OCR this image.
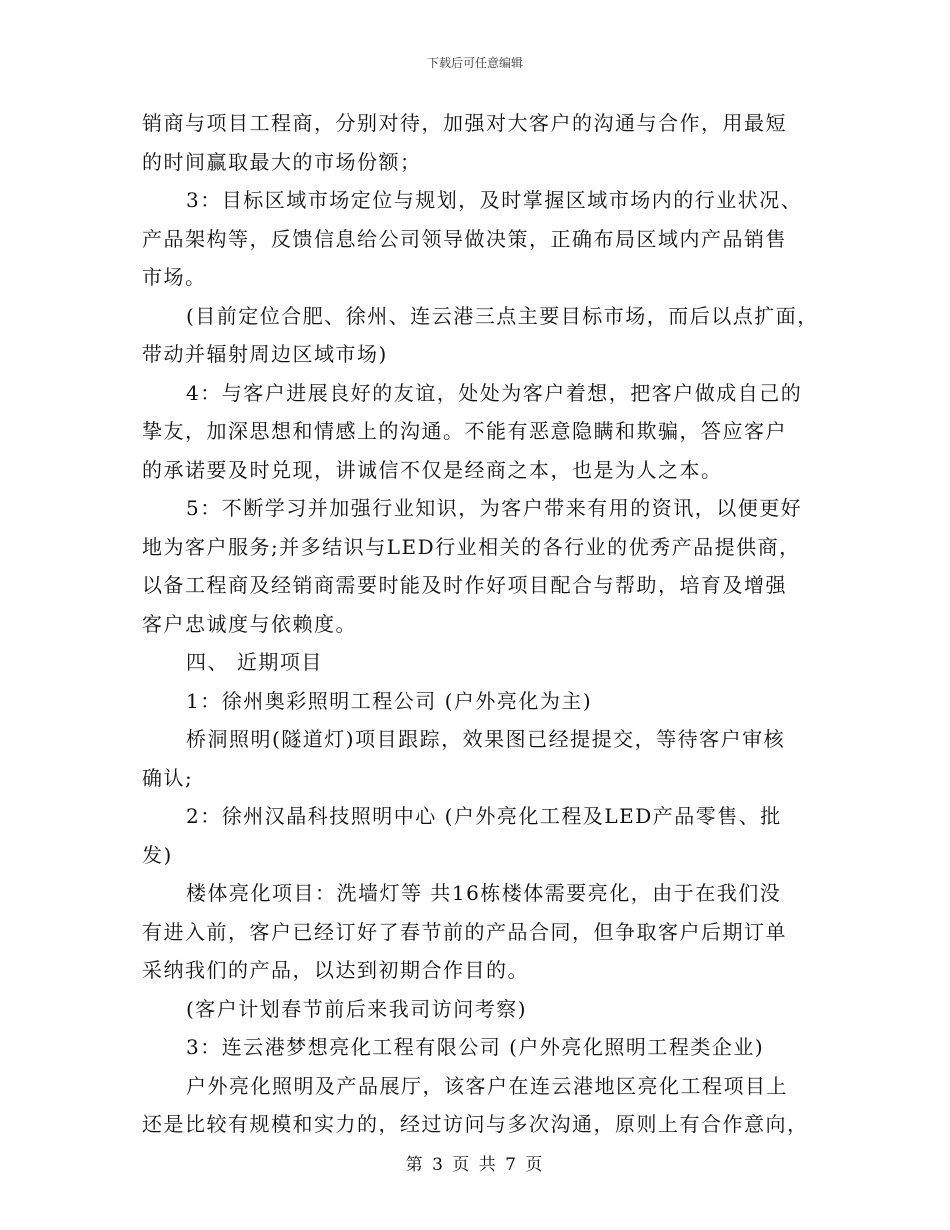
下载后可任意编辑
销商与项目工程商，分别对待，加强对大客户的沟通与合作，用最短
的时间赢取最大的市场份额；
3：目标区域市场定位与规划，及时掌握区域市场内的行业状况、
产品架构等，反馈信息给公司领导做决策，正确布局区域内产品销售
市场。
(目前定位合肥、徐州、连云港三点主要目标市场，而后以点扩面，
带动并辐射周边区域市场)
4：与客户进展良好的友谊，处处为客户着想，把客户做成自己的
挚友，加深思想和情感上的沟通。不能有恶意隐瞒和欺骗，答应客户
的承诺要及时兑现，讲诚信不仅是经商之本，也是为人之本。
5：不断学习并加强行业知识，为客户带来有用的资讯，以便更好
地为客户服务;并多结识与LED行业相关的各行业的优秀产品提供商，
以备工程商及经销商需要时能及时作好项目配合与帮助，培育及增强
客户忠诚度与依赖度。
四、 近期项目
1：徐州奥彩照明工程公司 (户外亮化为主)
桥洞照明(隧道灯)项目跟踪，效果图已经提提交，等待客户审核
确认;
2：徐州汉晶科技照明中心 (户外亮化工程及LED产品零售、批
发)
楼体亮化项目：洗墙灯等 共16栋楼体需要亮化，由于在我们没
有进入前，客户已经订好了春节前的产品合同，但争取客户后期订单
采纳我们的产品，以达到初期合作目的。
(客户计划春节前后来我司访问考察)
3：连云港梦想亮化工程有限公司 (户外亮化照明工程类企业)
户外亮化照明及产品展厅，该客户在连云港地区亮化工程项目上
还是比较有规模和实力的，经过访问与多次沟通，原则上有合作意向，
第 3 页 共 7 页
